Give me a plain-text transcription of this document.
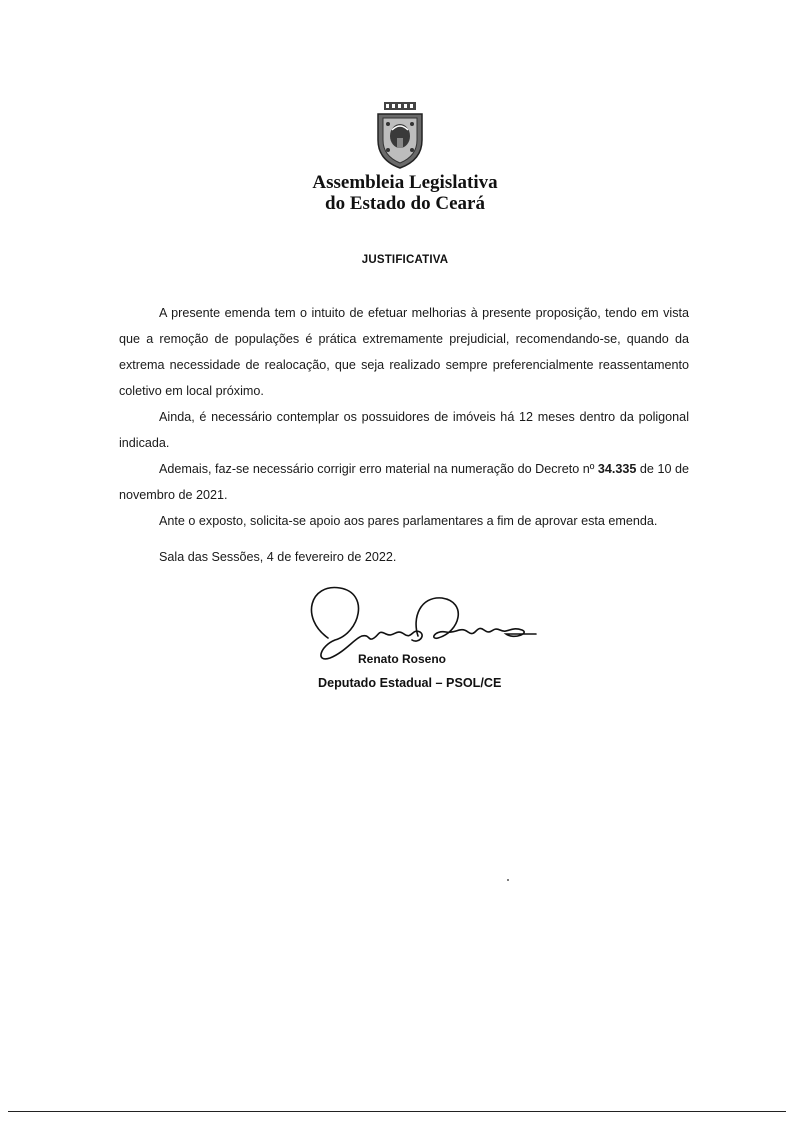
Assembleia Legislativa
do Estado do Ceará
JUSTIFICATIVA

A presente emenda tem o intuito de efetuar melhorias à presente proposição, tendo em vista que a remoção de populações é prática extremamente prejudicial, recomendando-se, quando da extrema necessidade de realocação, que seja realizado sempre preferencialmente reassentamento coletivo em local próximo.

Ainda, é necessário contemplar os possuidores de imóveis há 12 meses dentro da poligonal indicada.

Ademais, faz-se necessário corrigir erro material na numeração do Decreto nº 34.335 de 10 de novembro de 2021.

Ante o exposto, solicita-se apoio aos pares parlamentares a fim de aprovar esta emenda.

Sala das Sessões, 4 de fevereiro de 2022.
Renato Roseno
Deputado Estadual – PSOL/CE
